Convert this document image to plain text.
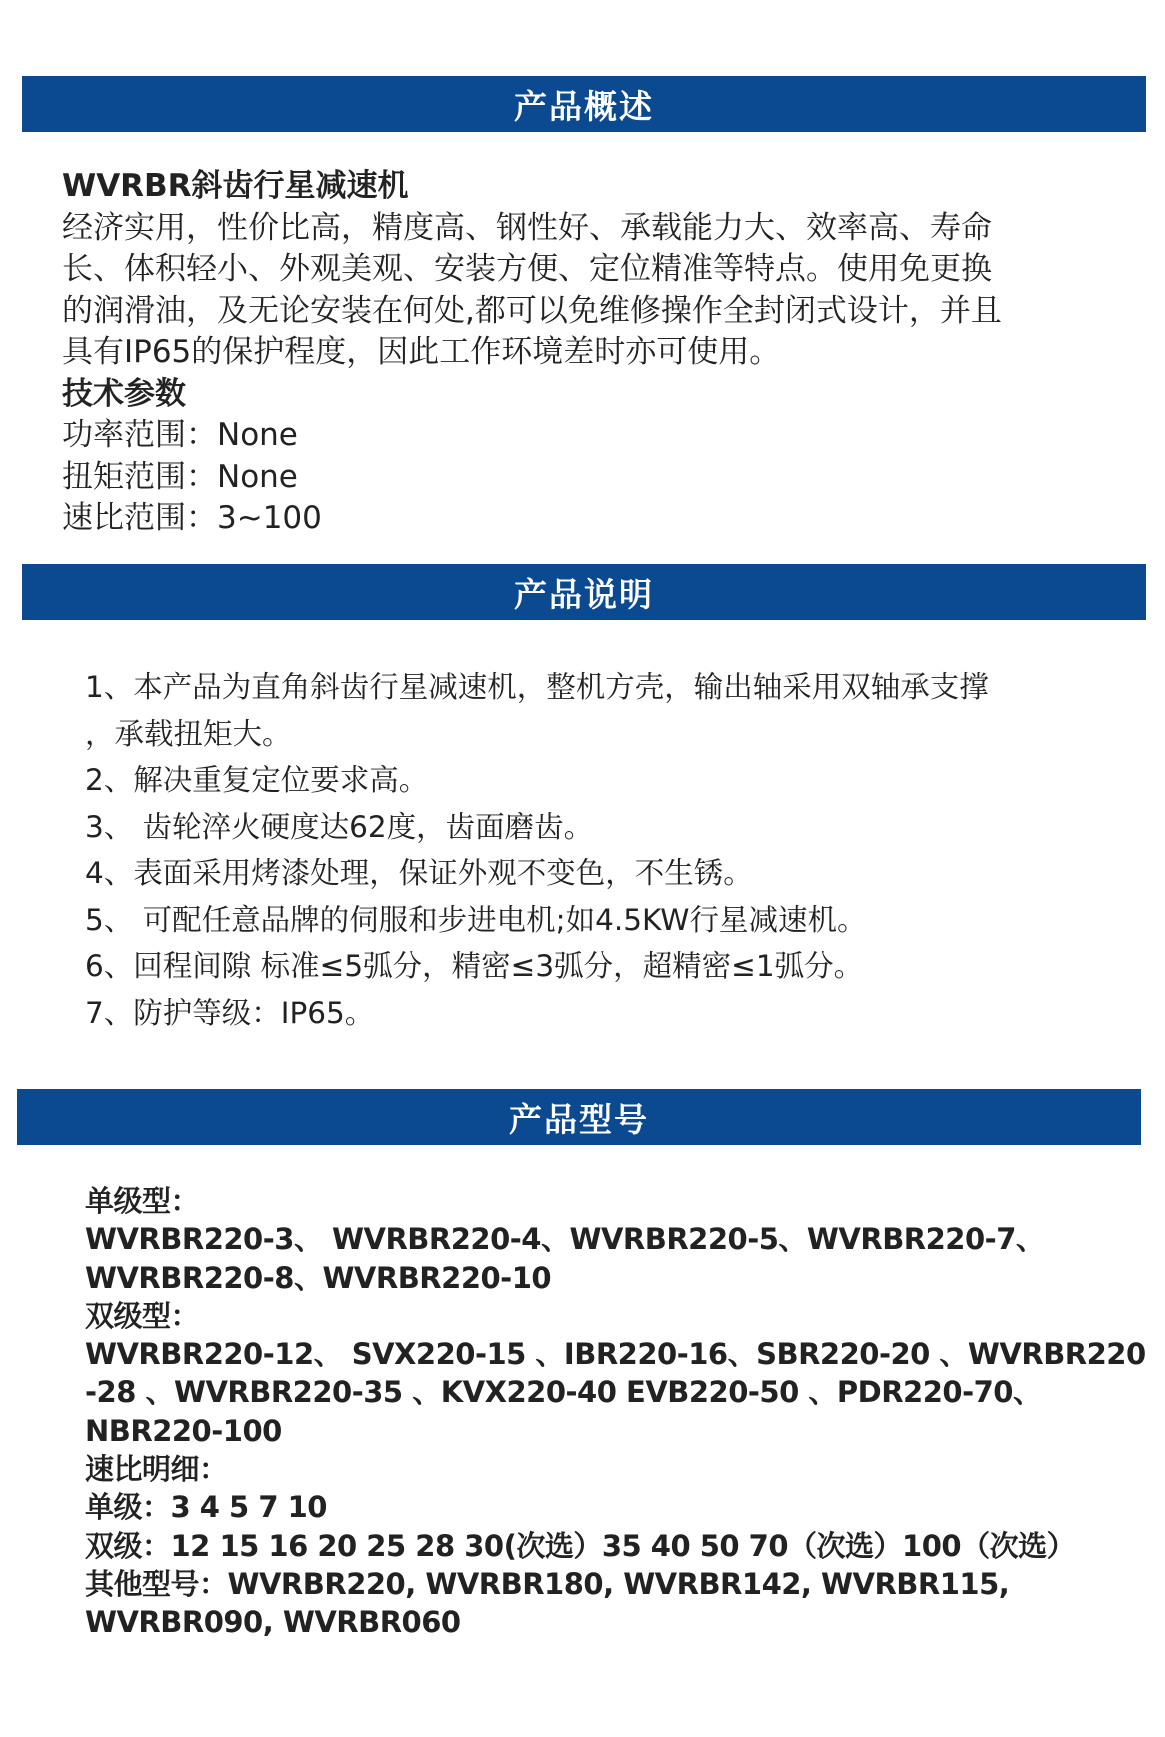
产品概述
WVRBR斜齿行星减速机
经济实用，性价比高，精度高、钢性好、承载能力大、效率高、寿命
长、体积轻小、外观美观、安装方便、定位精准等特点。使用免更换
的润滑油，及无论安装在何处,都可以免维修操作全封闭式设计，并且
具有IP65的保护程度，因此工作环境差时亦可使用。
技术参数
功率范围：None
扭矩范围：None
速比范围：3~100
产品说明
1、本产品为直角斜齿行星减速机，整机方壳，输出轴采用双轴承支撑
，承载扭矩大。
2、解决重复定位要求高。
3、 齿轮淬火硬度达62度，齿面磨齿。
4、表面采用烤漆处理，保证外观不变色，不生锈。
5、 可配任意品牌的伺服和步进电机;如4.5KW行星减速机。
6、回程间隙 标准≤5弧分，精密≤3弧分，超精密≤1弧分。
7、防护等级：IP65。
产品型号
单级型：
WVRBR220-3、 WVRBR220-4、WVRBR220-5、WVRBR220-7、
WVRBR220-8、WVRBR220-10
双级型：
WVRBR220-12、 SVX220-15 、IBR220-16、SBR220-20 、WVRBR220
-28 、WVRBR220-35 、KVX220-40 EVB220-50 、PDR220-70、
NBR220-100
速比明细：
单级：3 4 5 7 10
双级：12 15 16 20 25 28 30(次选）35 40 50 70（次选）100（次选）
其他型号：WVRBR220, WVRBR180, WVRBR142, WVRBR115,
WVRBR090, WVRBR060
